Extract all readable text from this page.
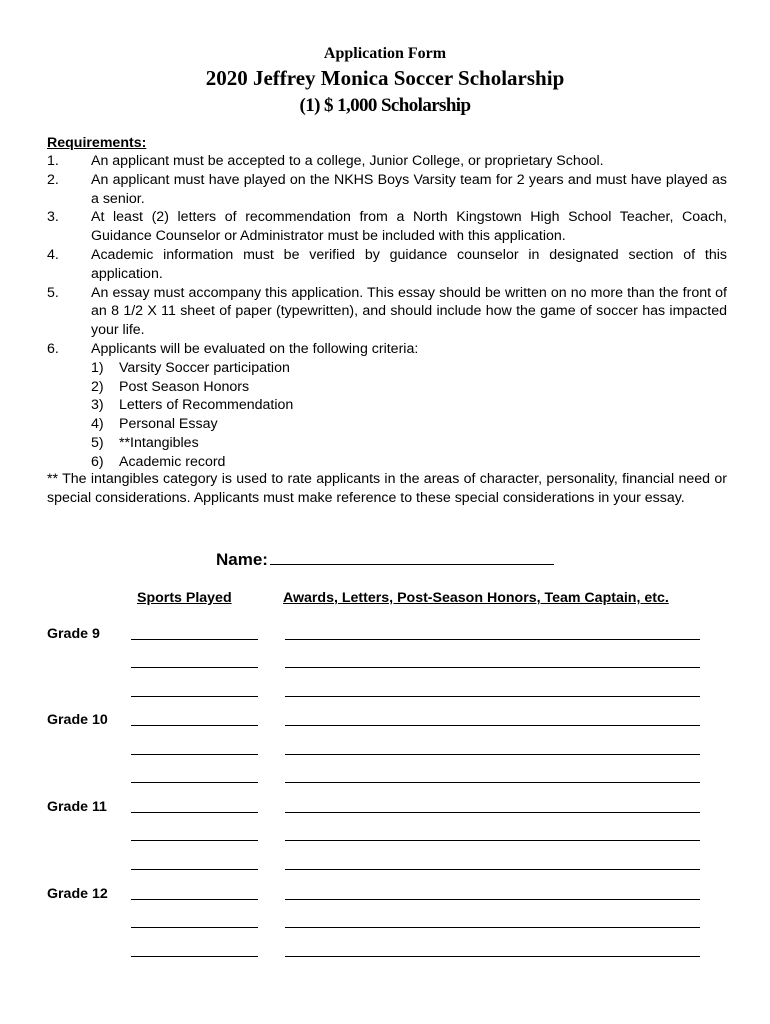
Application Form
2020 Jeffrey Monica Soccer Scholarship
(1) $ 1,000 Scholarship
Requirements:
1. An applicant must be accepted to a college, Junior College, or proprietary School.
2. An applicant must have played on the NKHS Boys Varsity team for 2 years and must have played as a senior.
3. At least (2) letters of recommendation from a North Kingstown High School Teacher, Coach, Guidance Counselor or Administrator must be included with this application.
4. Academic information must be verified by guidance counselor in designated section of this application.
5. An essay must accompany this application. This essay should be written on no more than the front of an 8 1/2 X 11 sheet of paper (typewritten), and should include how the game of soccer has impacted your life.
6. Applicants will be evaluated on the following criteria:
1) Varsity Soccer participation
2) Post Season Honors
3) Letters of Recommendation
4) Personal Essay
5) **Intangibles
6) Academic record
** The intangibles category is used to rate applicants in the areas of character, personality, financial need or special considerations. Applicants must make reference to these special considerations in your essay.
Name:
Sports Played	Awards, Letters, Post-Season Honors, Team Captain, etc.
Grade 9
Grade 10
Grade 11
Grade 12
